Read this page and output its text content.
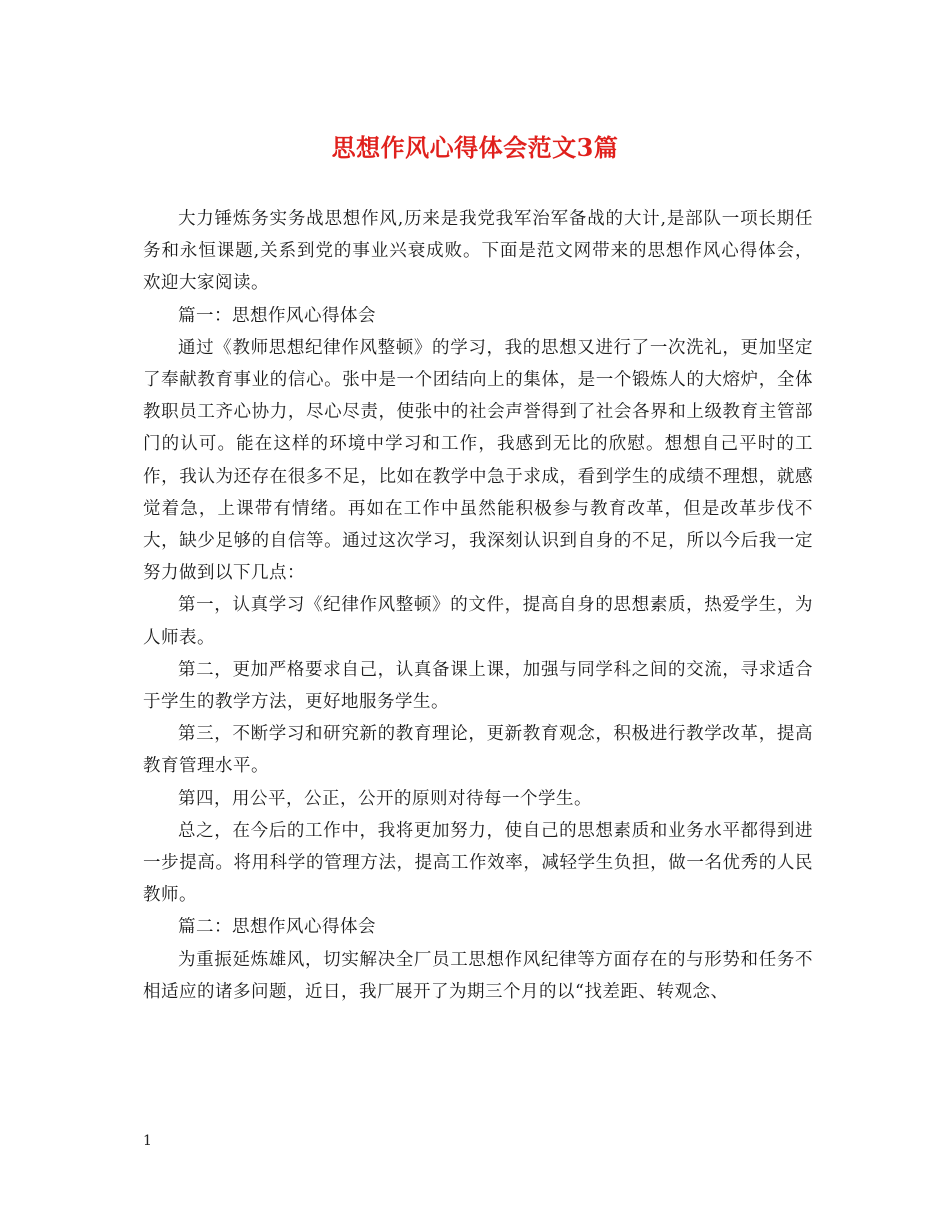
思想作风心得体会范文3篇

大力锤炼务实务战思想作风,历来是我党我军治军备战的大计,是部队一项长期任务和永恒课题,关系到党的事业兴衰成败。下面是范文网带来的思想作风心得体会，欢迎大家阅读。

篇一：思想作风心得体会

通过《教师思想纪律作风整顿》的学习，我的思想又进行了一次洗礼，更加坚定了奉献教育事业的信心。张中是一个团结向上的集体，是一个锻炼人的大熔炉，全体教职员工齐心协力，尽心尽责，使张中的社会声誉得到了社会各界和上级教育主管部门的认可。能在这样的环境中学习和工作，我感到无比的欣慰。想想自己平时的工作，我认为还存在很多不足，比如在教学中急于求成，看到学生的成绩不理想，就感觉着急，上课带有情绪。再如在工作中虽然能积极参与教育改革，但是改革步伐不大，缺少足够的自信等。通过这次学习，我深刻认识到自身的不足，所以今后我一定努力做到以下几点：

第一，认真学习《纪律作风整顿》的文件，提高自身的思想素质，热爱学生，为人师表。

第二，更加严格要求自己，认真备课上课，加强与同学科之间的交流，寻求适合于学生的教学方法，更好地服务学生。

第三，不断学习和研究新的教育理论，更新教育观念，积极进行教学改革，提高教育管理水平。

第四，用公平，公正，公开的原则对待每一个学生。

总之，在今后的工作中，我将更加努力，使自己的思想素质和业务水平都得到进一步提高。将用科学的管理方法，提高工作效率，减轻学生负担，做一名优秀的人民教师。

篇二：思想作风心得体会

为重振延炼雄风，切实解决全厂员工思想作风纪律等方面存在的与形势和任务不相适应的诸多问题，近日，我厂展开了为期三个月的以“找差距、转观念、

1
